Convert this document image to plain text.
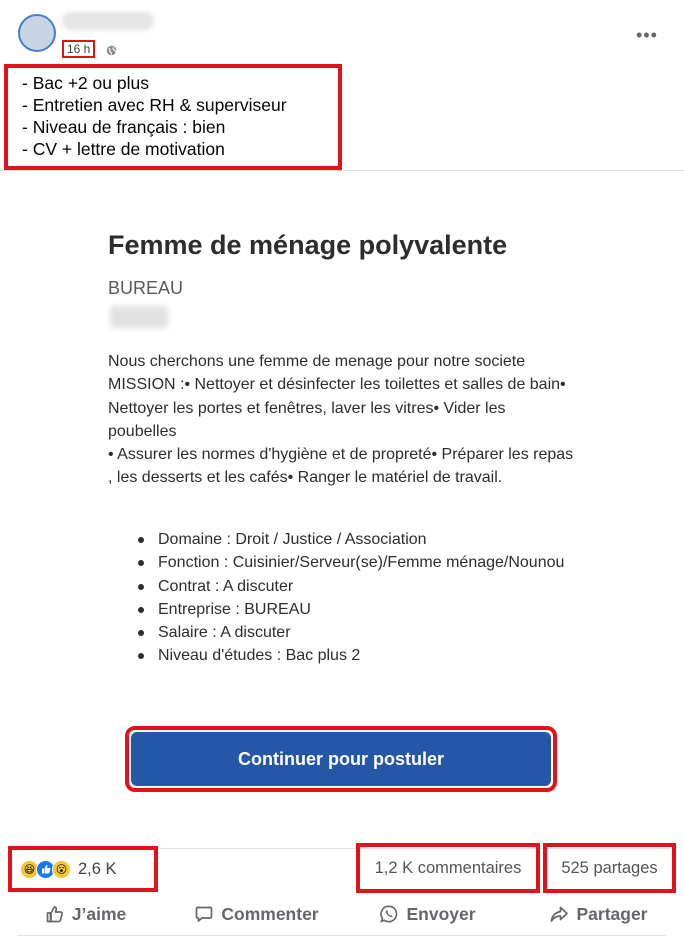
16 h
•••
- Bac +2 ou plus
- Entretien avec RH & superviseur
- Niveau de français : bien
- CV + lettre de motivation
Femme de ménage polyvalente
BUREAU

Nous cherchons une femme de menage pour notre societe MISSION :• Nettoyer et désinfecter les toilettes et salles de bain• Nettoyer les portes et fenêtres, laver les vitres• Vider les poubelles

• Assurer les normes d'hygiène et de propreté• Préparer les repas , les desserts et les cafés• Ranger le matériel de travail.

Domaine : Droit / Justice / Association
Fonction : Cuisinier/Serveur(se)/Femme ménage/Nounou
Contrat : A discuter
Entreprise : BUREAU
Salaire : A discuter
Niveau d'études : Bac plus 2
Continuer pour postuler
😆	😮 2,6 K	1,2 K commentaires	525 partages
J’aime	Commenter	Envoyer	Partager
